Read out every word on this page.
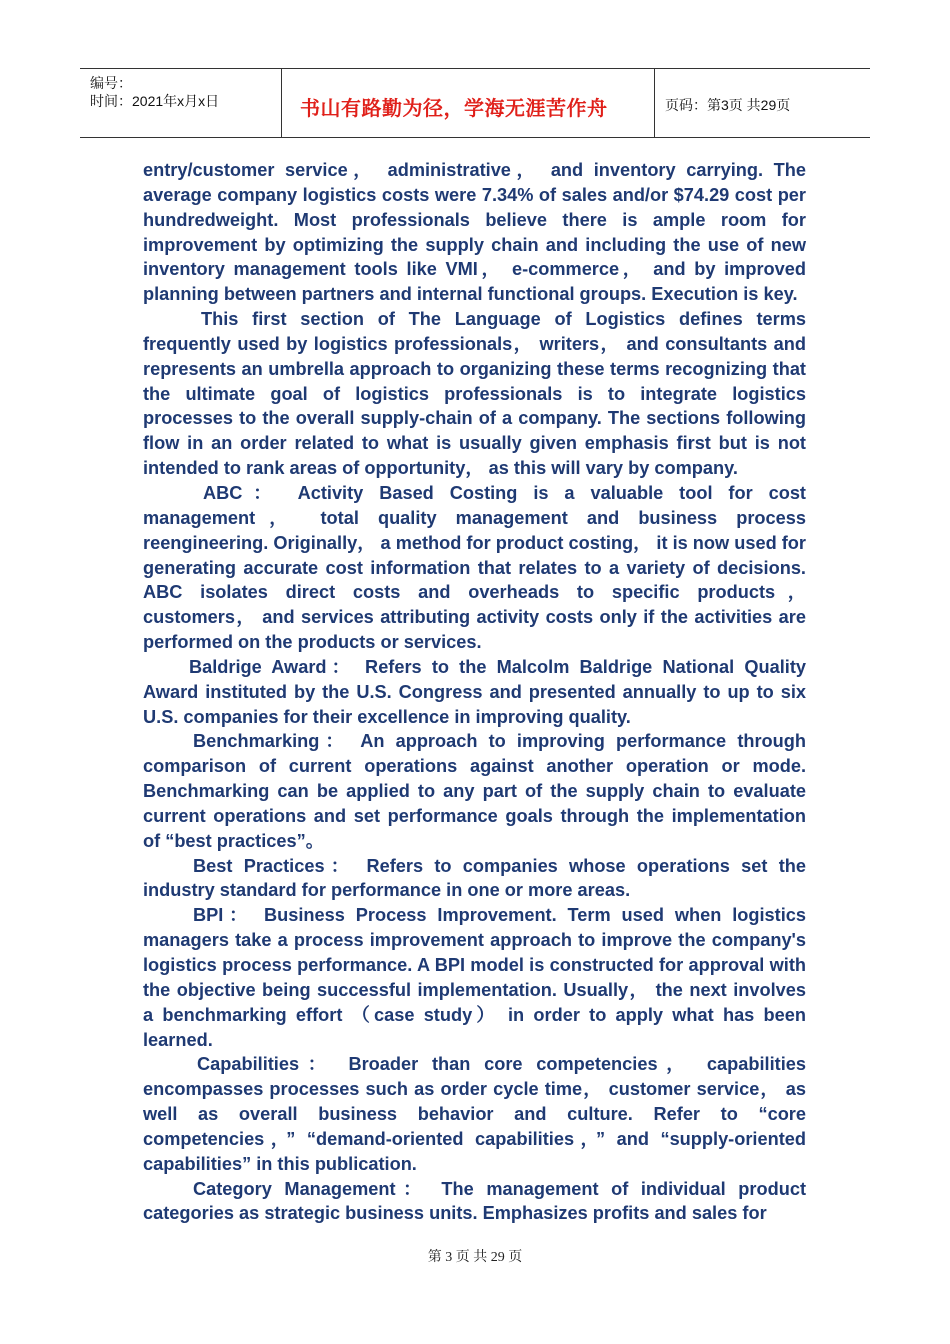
编号：
时间：2021年x月x日	书山有路勤为径，学海无涯苦作舟	页码：第3页 共29页

entry/customer service， administrative， and inventory carrying. The average company logistics costs were 7.34% of sales and/or $74.29 cost per hundredweight. Most professionals believe there is ample room for improvement by optimizing the supply chain and including the use of new inventory management tools like VMI， e-commerce， and by improved planning between partners and internal functional groups. Execution is key.

This first section of The Language of Logistics defines terms frequently used by logistics professionals， writers， and consultants and represents an umbrella approach to organizing these terms recognizing that the ultimate goal of logistics professionals is to integrate logistics processes to the overall supply-chain of a company. The sections following flow in an order related to what is usually given emphasis first but is not intended to rank areas of opportunity， as this will vary by company.

ABC： Activity Based Costing is a valuable tool for cost management， total quality management and business process reengineering. Originally， a method for product costing， it is now used for generating accurate cost information that relates to a variety of decisions. ABC isolates direct costs and overheads to specific products， customers， and services attributing activity costs only if the activities are performed on the products or services.

Baldrige Award： Refers to the Malcolm Baldrige National Quality Award instituted by the U.S. Congress and presented annually to up to six U.S. companies for their excellence in improving quality.

Benchmarking： An approach to improving performance through comparison of current operations against another operation or mode. Benchmarking can be applied to any part of the supply chain to evaluate current operations and set performance goals through the implementation of “best practices”。

Best Practices： Refers to companies whose operations set the industry standard for performance in one or more areas.

BPI： Business Process Improvement. Term used when logistics managers take a process improvement approach to improve the company's logistics process performance. A BPI model is constructed for approval with the objective being successful implementation. Usually， the next involves a benchmarking effort （case study） in order to apply what has been learned.

Capabilities： Broader than core competencies， capabilities encompasses processes such as order cycle time， customer service， as well as overall business behavior and culture. Refer to “core competencies，” “demand-oriented capabilities，” and “supply-oriented capabilities” in this publication.

Category Management： The management of individual product categories as strategic business units. Emphasizes profits and sales for

第 3 页 共 29 页
